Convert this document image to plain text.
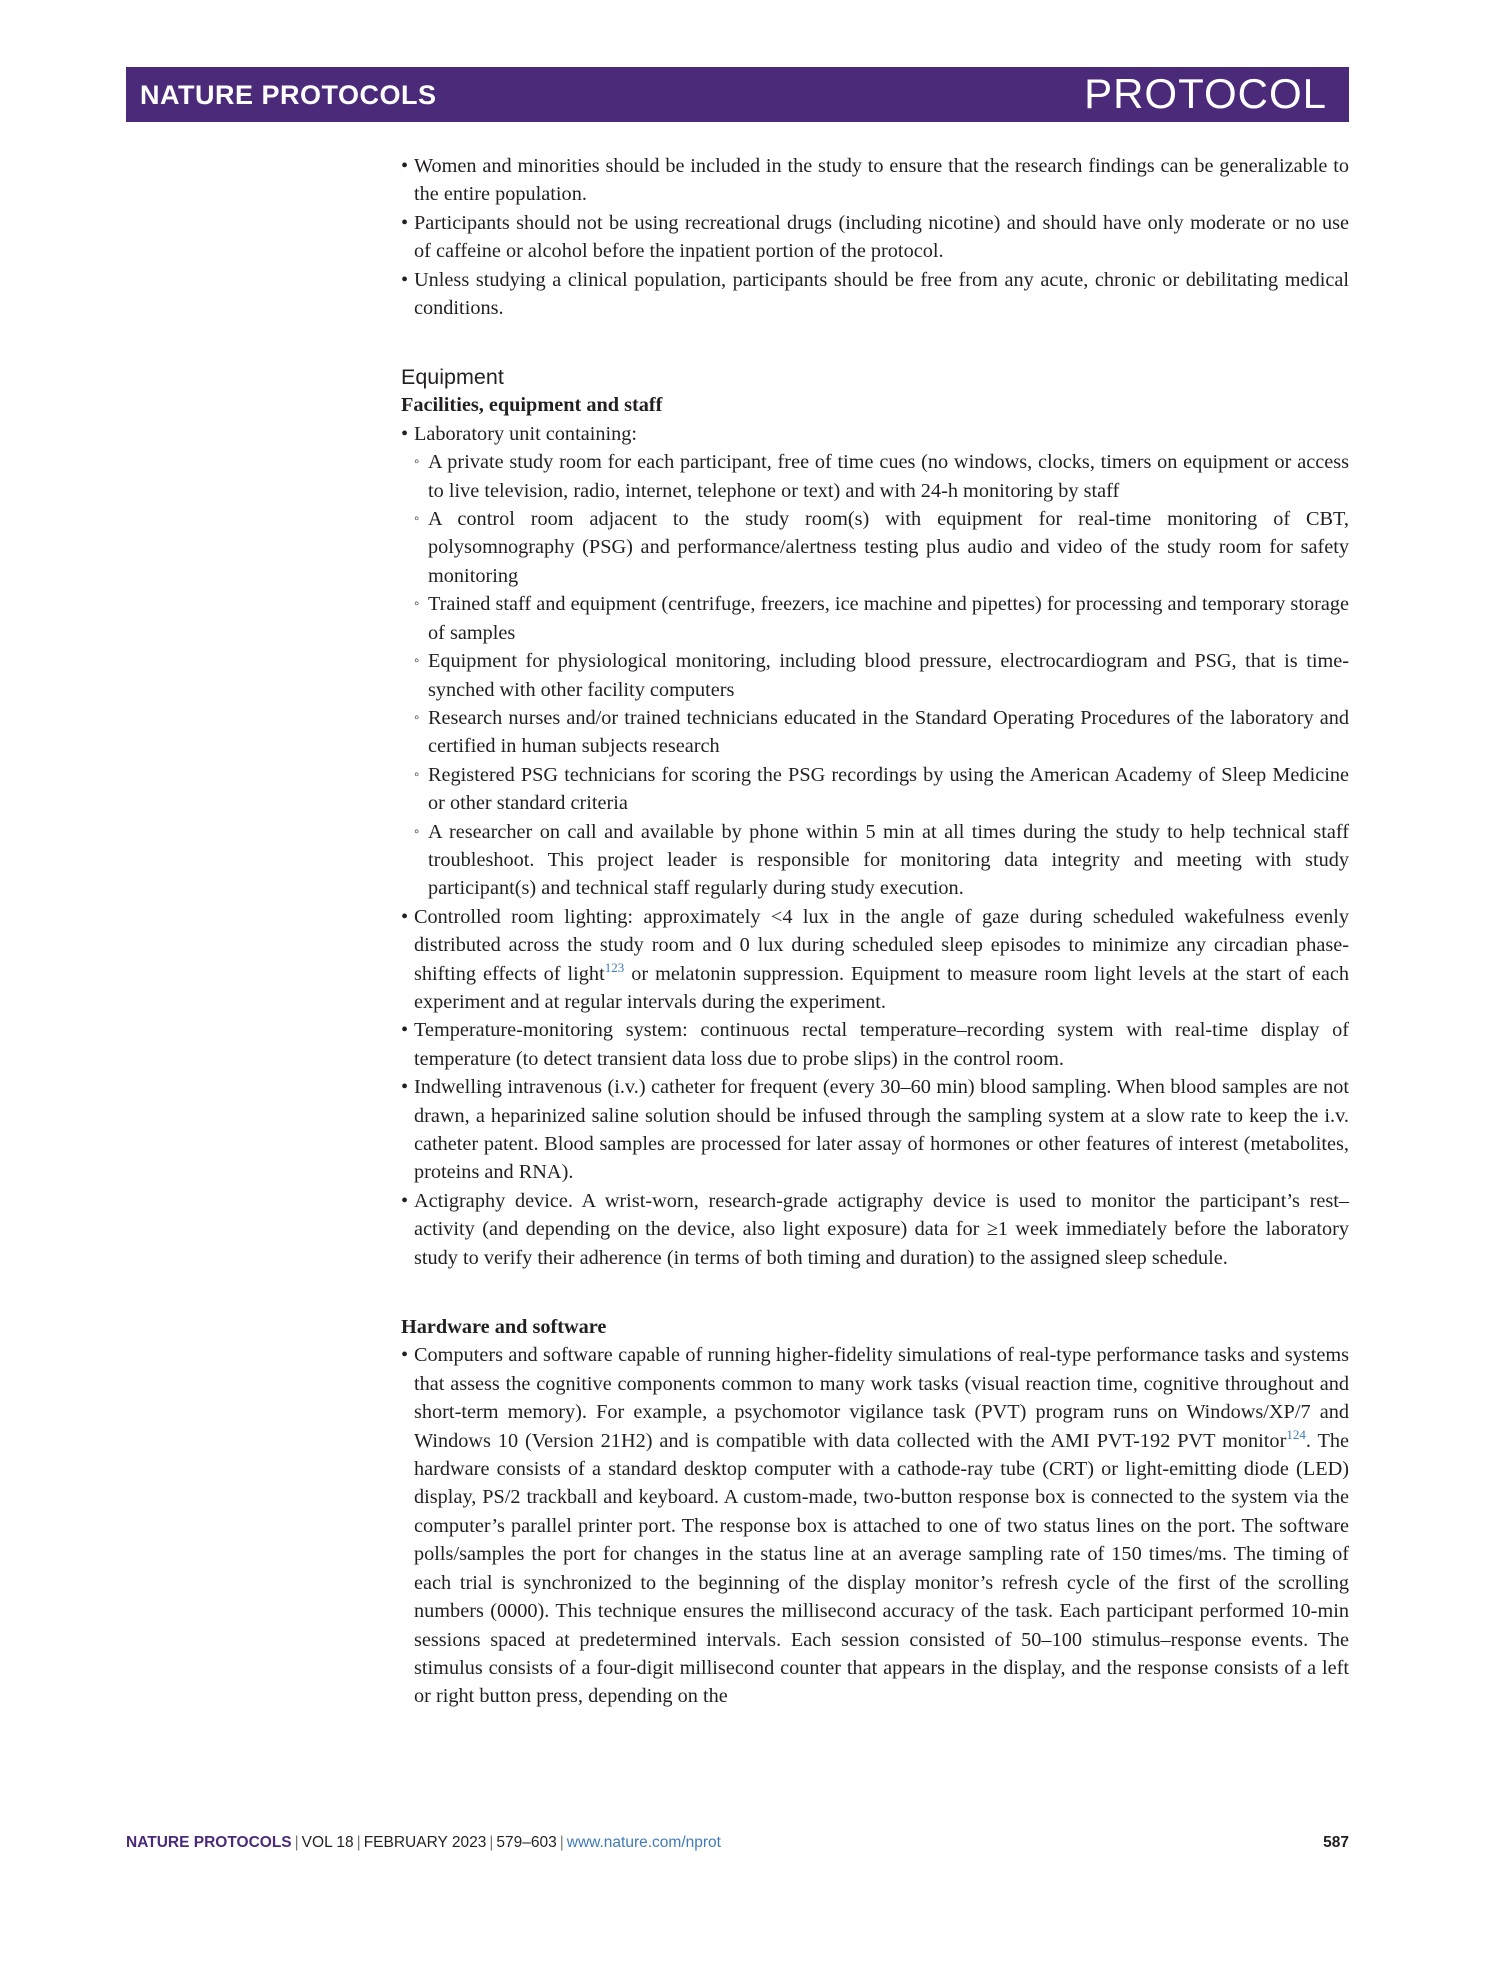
NATURE PROTOCOLS	PROTOCOL
• Women and minorities should be included in the study to ensure that the research findings can be generalizable to the entire population.
• Participants should not be using recreational drugs (including nicotine) and should have only moderate or no use of caffeine or alcohol before the inpatient portion of the protocol.
• Unless studying a clinical population, participants should be free from any acute, chronic or debilitating medical conditions.
Equipment
Facilities, equipment and staff
• Laboratory unit containing:
◦ A private study room for each participant, free of time cues (no windows, clocks, timers on equipment or access to live television, radio, internet, telephone or text) and with 24-h monitoring by staff
◦ A control room adjacent to the study room(s) with equipment for real-time monitoring of CBT, polysomnography (PSG) and performance/alertness testing plus audio and video of the study room for safety monitoring
◦ Trained staff and equipment (centrifuge, freezers, ice machine and pipettes) for processing and temporary storage of samples
◦ Equipment for physiological monitoring, including blood pressure, electrocardiogram and PSG, that is time-synched with other facility computers
◦ Research nurses and/or trained technicians educated in the Standard Operating Procedures of the laboratory and certified in human subjects research
◦ Registered PSG technicians for scoring the PSG recordings by using the American Academy of Sleep Medicine or other standard criteria
◦ A researcher on call and available by phone within 5 min at all times during the study to help technical staff troubleshoot. This project leader is responsible for monitoring data integrity and meeting with study participant(s) and technical staff regularly during study execution.
• Controlled room lighting: approximately <4 lux in the angle of gaze during scheduled wakefulness evenly distributed across the study room and 0 lux during scheduled sleep episodes to minimize any circadian phase-shifting effects of light$^{123}$ or melatonin suppression. Equipment to measure room light levels at the start of each experiment and at regular intervals during the experiment.
• Temperature-monitoring system: continuous rectal temperature–recording system with real-time display of temperature (to detect transient data loss due to probe slips) in the control room.
• Indwelling intravenous (i.v.) catheter for frequent (every 30–60 min) blood sampling. When blood samples are not drawn, a heparinized saline solution should be infused through the sampling system at a slow rate to keep the i.v. catheter patent. Blood samples are processed for later assay of hormones or other features of interest (metabolites, proteins and RNA).
• Actigraphy device. A wrist-worn, research-grade actigraphy device is used to monitor the participant’s rest–activity (and depending on the device, also light exposure) data for ≥1 week immediately before the laboratory study to verify their adherence (in terms of both timing and duration) to the assigned sleep schedule.
Hardware and software
• Computers and software capable of running higher-fidelity simulations of real-type performance tasks and systems that assess the cognitive components common to many work tasks (visual reaction time, cognitive throughout and short-term memory). For example, a psychomotor vigilance task (PVT) program runs on Windows/XP/7 and Windows 10 (Version 21H2) and is compatible with data collected with the AMI PVT-192 PVT monitor$^{124}$. The hardware consists of a standard desktop computer with a cathode-ray tube (CRT) or light-emitting diode (LED) display, PS/2 trackball and keyboard. A custom-made, two-button response box is connected to the system via the computer’s parallel printer port. The response box is attached to one of two status lines on the port. The software polls/samples the port for changes in the status line at an average sampling rate of 150 times/ms. The timing of each trial is synchronized to the beginning of the display monitor’s refresh cycle of the first of the scrolling numbers (0000). This technique ensures the millisecond accuracy of the task. Each participant performed 10-min sessions spaced at predetermined intervals. Each session consisted of 50–100 stimulus–response events. The stimulus consists of a four-digit millisecond counter that appears in the display, and the response consists of a left or right button press, depending on the
NATURE PROTOCOLS | VOL 18 | FEBRUARY 2023 | 579–603 | www.nature.com/nprot	587
